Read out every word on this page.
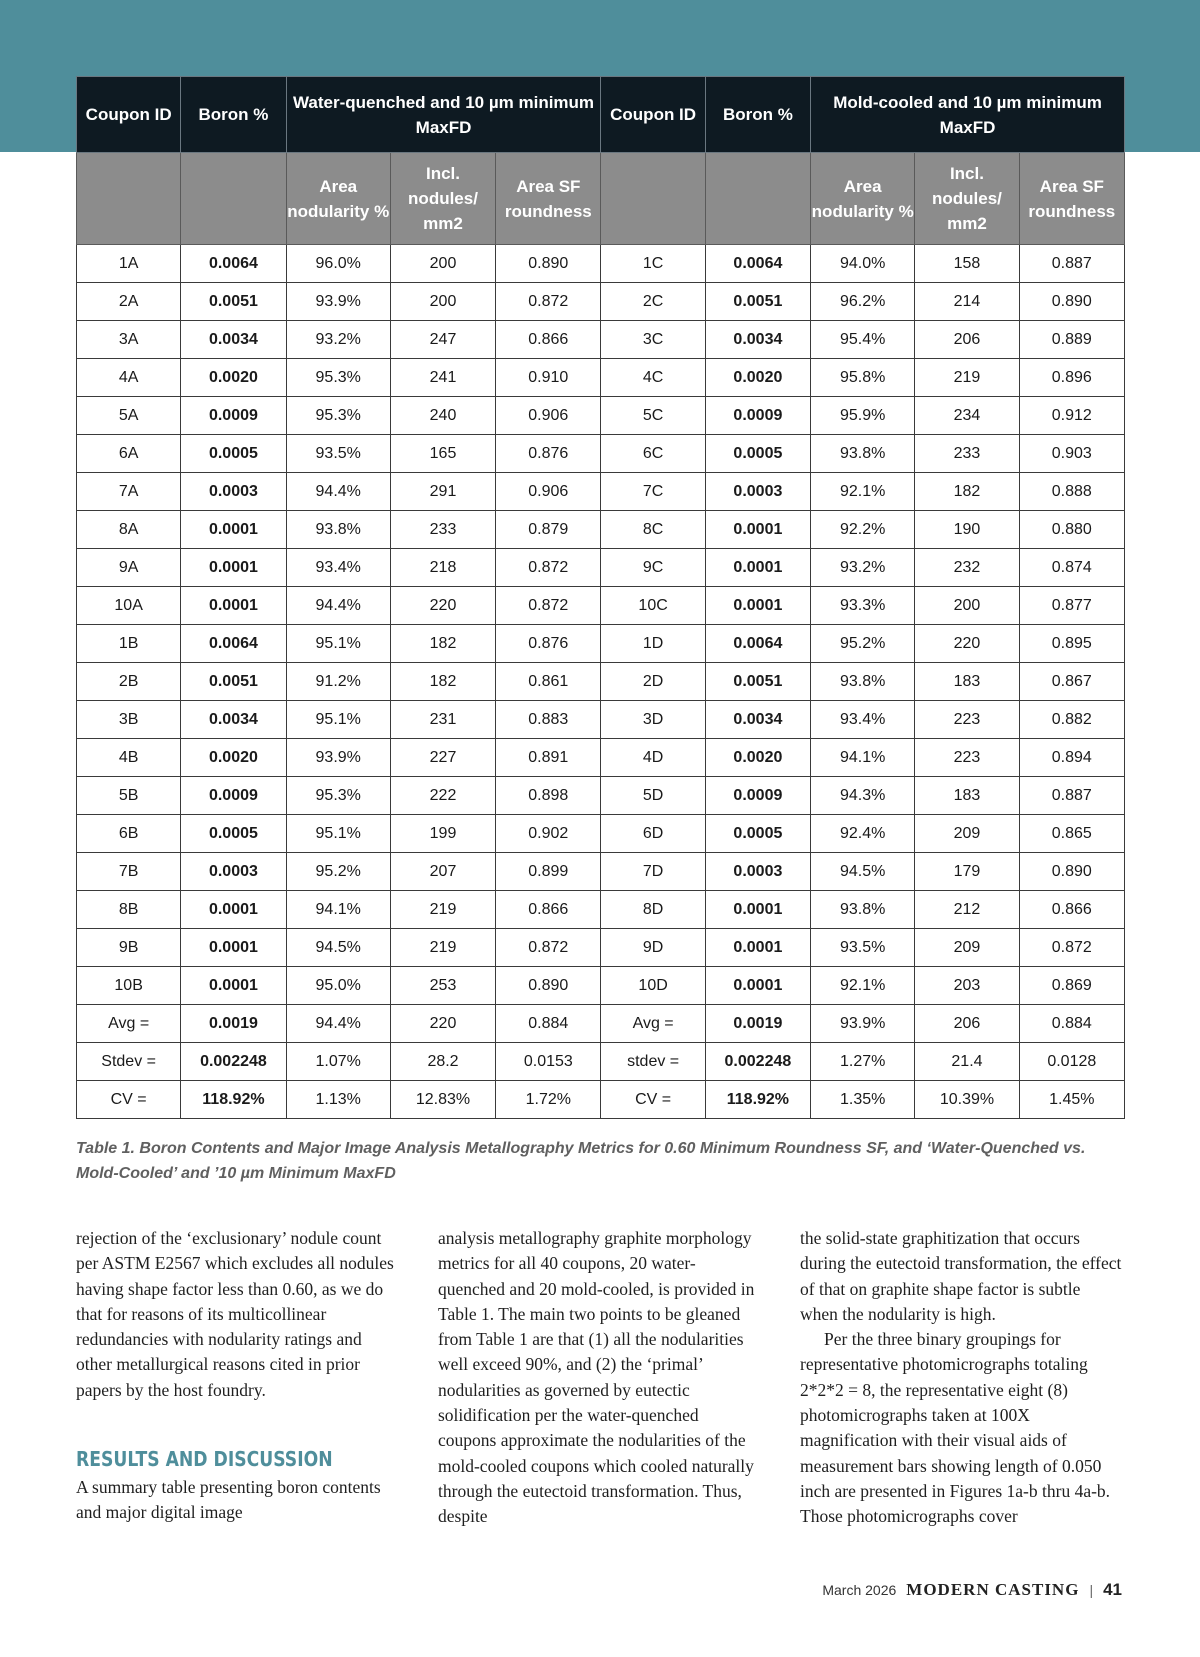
Coupon ID	Boron %	Water-quenched and 10 µm minimum MaxFD			Coupon ID	Boron %	Mold-cooled and 10 µm minimum MaxFD		
		Area nodularity %	Incl. nodules/ mm2	Area SF roundness			Area nodularity %	Incl. nodules/ mm2	Area SF roundness
1A	0.0064	96.0%	200	0.890	1C	0.0064	94.0%	158	0.887
2A	0.0051	93.9%	200	0.872	2C	0.0051	96.2%	214	0.890
3A	0.0034	93.2%	247	0.866	3C	0.0034	95.4%	206	0.889
4A	0.0020	95.3%	241	0.910	4C	0.0020	95.8%	219	0.896
5A	0.0009	95.3%	240	0.906	5C	0.0009	95.9%	234	0.912
6A	0.0005	93.5%	165	0.876	6C	0.0005	93.8%	233	0.903
7A	0.0003	94.4%	291	0.906	7C	0.0003	92.1%	182	0.888
8A	0.0001	93.8%	233	0.879	8C	0.0001	92.2%	190	0.880
9A	0.0001	93.4%	218	0.872	9C	0.0001	93.2%	232	0.874
10A	0.0001	94.4%	220	0.872	10C	0.0001	93.3%	200	0.877
1B	0.0064	95.1%	182	0.876	1D	0.0064	95.2%	220	0.895
2B	0.0051	91.2%	182	0.861	2D	0.0051	93.8%	183	0.867
3B	0.0034	95.1%	231	0.883	3D	0.0034	93.4%	223	0.882
4B	0.0020	93.9%	227	0.891	4D	0.0020	94.1%	223	0.894
5B	0.0009	95.3%	222	0.898	5D	0.0009	94.3%	183	0.887
6B	0.0005	95.1%	199	0.902	6D	0.0005	92.4%	209	0.865
7B	0.0003	95.2%	207	0.899	7D	0.0003	94.5%	179	0.890
8B	0.0001	94.1%	219	0.866	8D	0.0001	93.8%	212	0.866
9B	0.0001	94.5%	219	0.872	9D	0.0001	93.5%	209	0.872
10B	0.0001	95.0%	253	0.890	10D	0.0001	92.1%	203	0.869
Avg =	0.0019	94.4%	220	0.884	Avg =	0.0019	93.9%	206	0.884
Stdev =	0.002248	1.07%	28.2	0.0153	stdev =	0.002248	1.27%	21.4	0.0128
CV =	118.92%	1.13%	12.83%	1.72%	CV =	118.92%	1.35%	10.39%	1.45%

Table 1. Boron Contents and Major Image Analysis Metallography Metrics for 0.60 Minimum Roundness SF, and ‘Water-Quenched vs. Mold-Cooled’ and ’10 µm Minimum MaxFD

rejection of the ‘exclusionary’ nodule count per ASTM E2567 which excludes all nodules having shape factor less than 0.60, as we do that for reasons of its multicollinear redundancies with nodularity ratings and other metallurgical reasons cited in prior papers by the host foundry.

RESULTS AND DISCUSSION

A summary table presenting boron contents and major digital image

analysis metallography graphite morphology metrics for all 40 coupons, 20 water-quenched and 20 mold-cooled, is provided in Table 1. The main two points to be gleaned from Table 1 are that (1) all the nodularities well exceed 90%, and (2) the ‘primal’ nodularities as governed by eutectic solidification per the water-quenched coupons approximate the nodularities of the mold-cooled coupons which cooled naturally through the eutectoid transformation. Thus, despite

the solid-state graphitization that occurs during the eutectoid transformation, the effect of that on graphite shape factor is subtle when the nodularity is high.

Per the three binary groupings for representative photomicrographs totaling 2*2*2 = 8, the representative eight (8) photomicrographs taken at 100X magnification with their visual aids of measurement bars showing length of 0.050 inch are presented in Figures 1a-b thru 4a-b. Those photomicrographs cover

March 2026 MODERN CASTING | 41
